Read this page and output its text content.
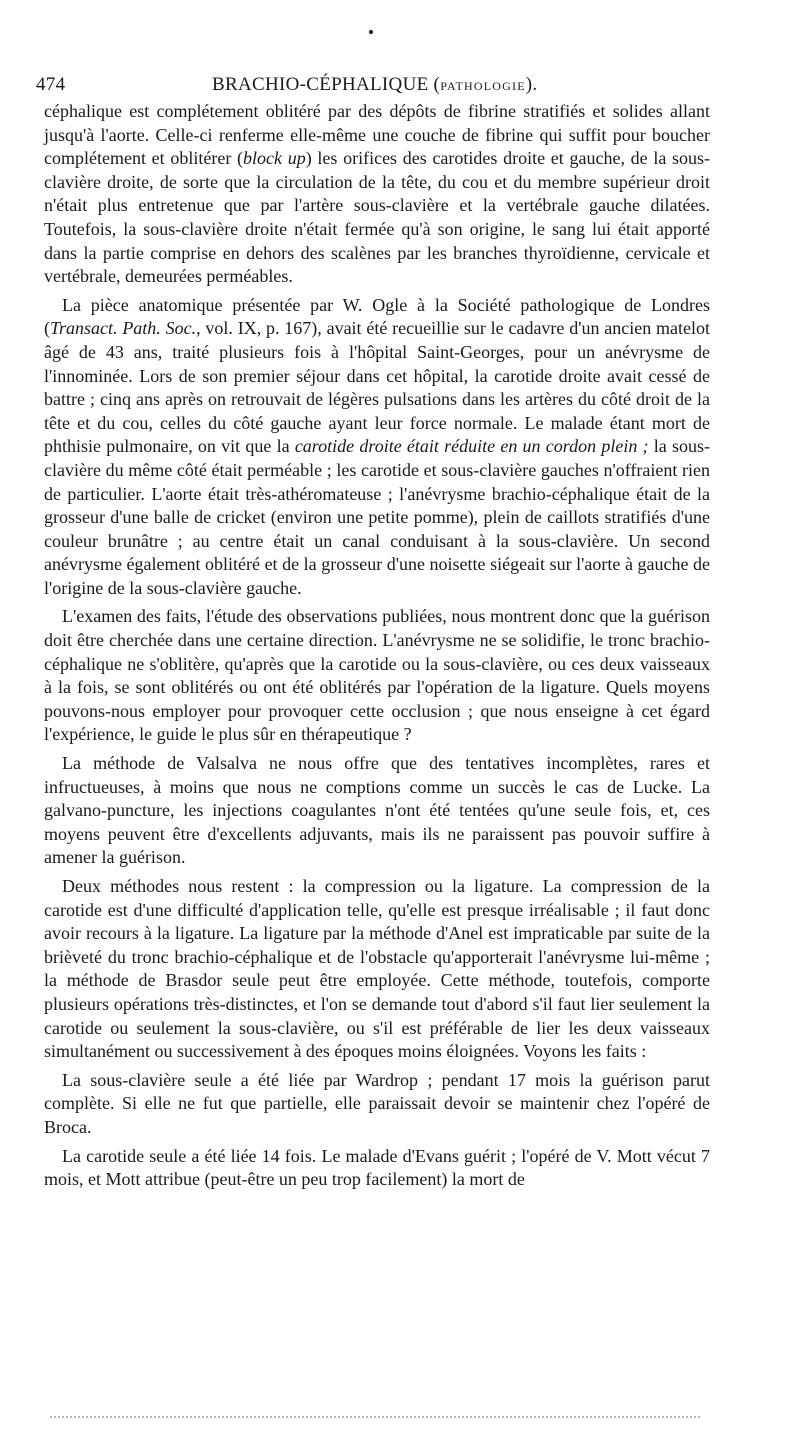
474	BRACHIO-CÉPHALIQUE (PATHOLOGIE).

céphalique est complétement oblitéré par des dépôts de fibrine stratifiés et solides allant jusqu'à l'aorte. Celle-ci renferme elle-même une couche de fibrine qui suffit pour boucher complétement et oblitérer (block up) les orifices des carotides droite et gauche, de la sous-clavière droite, de sorte que la circulation de la tête, du cou et du membre supérieur droit n'était plus entretenue que par l'artère sous-clavière et la vertébrale gauche dilatées. Toutefois, la sous-clavière droite n'était fermée qu'à son origine, le sang lui était apporté dans la partie comprise en dehors des scalènes par les branches thyroïdienne, cervicale et vertébrale, demeurées perméables.

La pièce anatomique présentée par W. Ogle à la Société pathologique de Londres (Transact. Path. Soc., vol. IX, p. 167), avait été recueillie sur le cadavre d'un ancien matelot âgé de 43 ans, traité plusieurs fois à l'hôpital Saint-Georges, pour un anévrysme de l'innominée. Lors de son premier séjour dans cet hôpital, la carotide droite avait cessé de battre ; cinq ans après on retrouvait de légères pulsations dans les artères du côté droit de la tête et du cou, celles du côté gauche ayant leur force normale. Le malade étant mort de phthisie pulmonaire, on vit que la carotide droite était réduite en un cordon plein ; la sous-clavière du même côté était perméable ; les carotide et sous-clavière gauches n'offraient rien de particulier. L'aorte était très-athéromateuse ; l'anévrysme brachio-céphalique était de la grosseur d'une balle de cricket (environ une petite pomme), plein de caillots stratifiés d'une couleur brunâtre ; au centre était un canal conduisant à la sous-clavière. Un second anévrysme également oblitéré et de la grosseur d'une noisette siégeait sur l'aorte à gauche de l'origine de la sous-clavière gauche.

L'examen des faits, l'étude des observations publiées, nous montrent donc que la guérison doit être cherchée dans une certaine direction. L'anévrysme ne se solidifie, le tronc brachio-céphalique ne s'oblitère, qu'après que la carotide ou la sous-clavière, ou ces deux vaisseaux à la fois, se sont oblitérés ou ont été oblitérés par l'opération de la ligature. Quels moyens pouvons-nous employer pour provoquer cette occlusion ; que nous enseigne à cet égard l'expérience, le guide le plus sûr en thérapeutique ?

La méthode de Valsalva ne nous offre que des tentatives incomplètes, rares et infructueuses, à moins que nous ne comptions comme un succès le cas de Lucke. La galvano-puncture, les injections coagulantes n'ont été tentées qu'une seule fois, et, ces moyens peuvent être d'excellents adjuvants, mais ils ne paraissent pas pouvoir suffire à amener la guérison.

Deux méthodes nous restent : la compression ou la ligature. La compression de la carotide est d'une difficulté d'application telle, qu'elle est presque irréalisable ; il faut donc avoir recours à la ligature. La ligature par la méthode d'Anel est impraticable par suite de la brièveté du tronc brachio-céphalique et de l'obstacle qu'apporterait l'anévrysme lui-même ; la méthode de Brasdor seule peut être employée. Cette méthode, toutefois, comporte plusieurs opérations très-distinctes, et l'on se demande tout d'abord s'il faut lier seulement la carotide ou seulement la sous-clavière, ou s'il est préférable de lier les deux vaisseaux simultanément ou successivement à des époques moins éloignées. Voyons les faits :

La sous-clavière seule a été liée par Wardrop ; pendant 17 mois la guérison parut complète. Si elle ne fut que partielle, elle paraissait devoir se maintenir chez l'opéré de Broca.

La carotide seule a été liée 14 fois. Le malade d'Evans guérit ; l'opéré de V. Mott vécut 7 mois, et Mott attribue (peut-être un peu trop facilement) la mort de
